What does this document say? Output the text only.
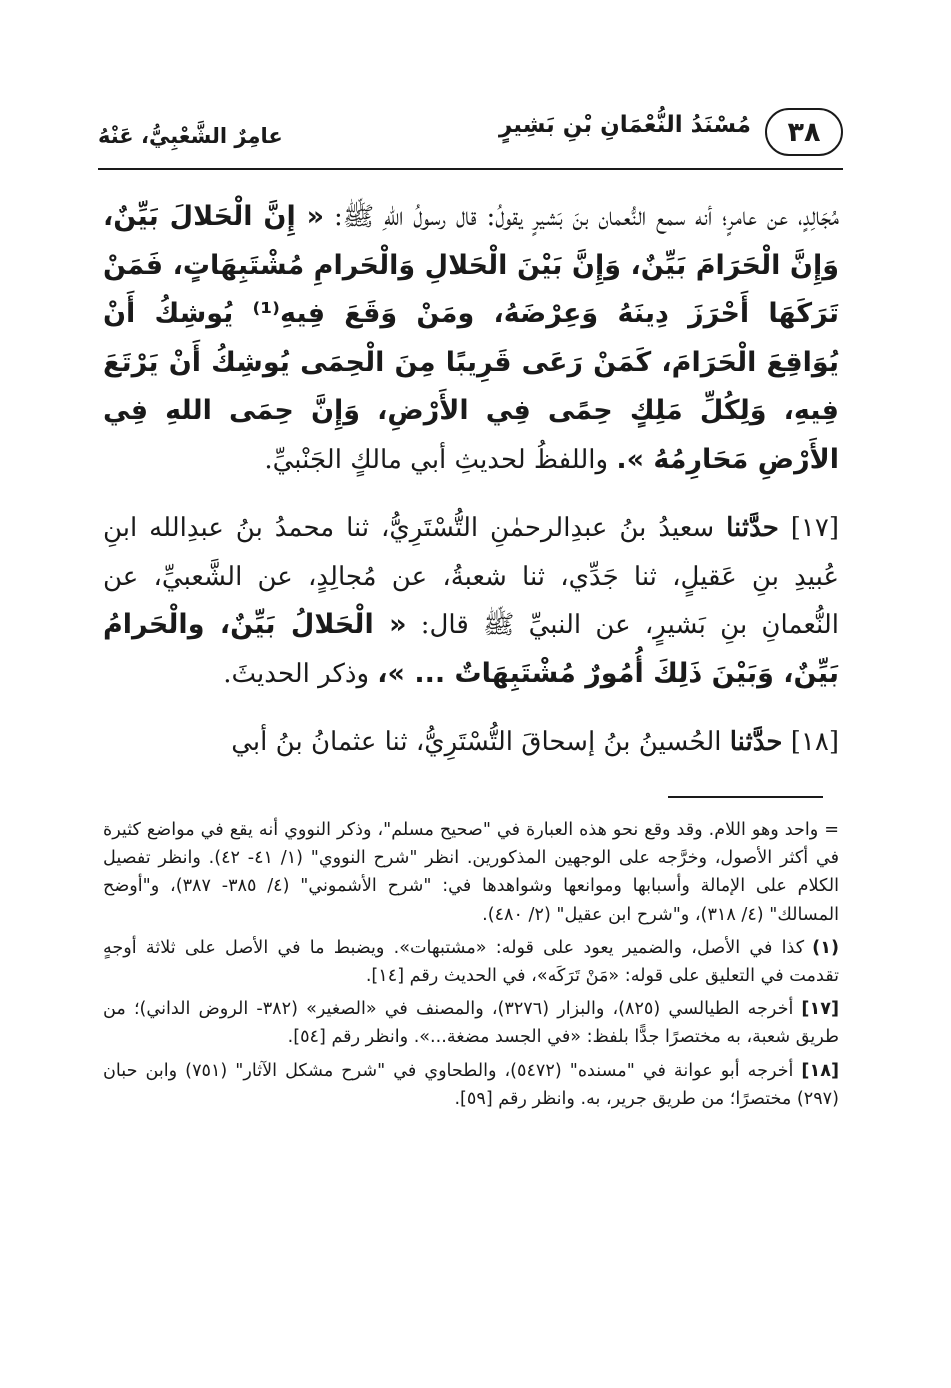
٣٨
مُسْنَدُ النُّعْمَانِ بْنِ بَشِيرٍ
عامِرٌ الشَّعْبِيُّ، عَنْهُ

مُجَالِدٍ، عن عامرٍ؛ أنه سمع النُّعمان بنَ بَشيرٍ يقولُ: قال رسولُ اللهِ ﷺ: « إِنَّ الْحَلالَ بَيِّنٌ، وَإِنَّ الْحَرَامَ بَيِّنٌ، وَإِنَّ بَيْنَ الْحَلالِ وَالْحَرامِ مُشْتَبِهَاتٍ، فَمَنْ تَرَكَهَا أَحْرَزَ دِينَهُ وَعِرْضَهُ، ومَنْ وَقَعَ فِيهِ⁽¹⁾ يُوشِكُ أَنْ يُوَاقِعَ الْحَرَامَ، كَمَنْ رَعَى قَرِيبًا مِنَ الْحِمَى يُوشِكُ أَنْ يَرْتَعَ فِيهِ، وَلِكُلِّ مَلِكٍ حِمًى فِي الأَرْضِ، وَإِنَّ حِمَى اللهِ فِي الأَرْضِ مَحَارِمُهُ ». واللفظُ لحديثِ أبي مالكٍ الجَنْبيِّ.

[١٧] حدَّثنا سعيدُ بنُ عبدِالرحمٰنِ التُّسْتَرِيُّ، ثنا محمدُ بنُ عبدِالله ابنِ عُبيدِ بنِ عَقيلٍ، ثنا جَدِّي، ثنا شعبةُ، عن مُجالِدٍ، عن الشَّعبيِّ، عن النُّعمانِ بنِ بَشيرٍ، عن النبيِّ ﷺ قال: « الْحَلالُ بَيِّنٌ، والْحَرامُ بَيِّنٌ، وَبَيْنَ ذَلِكَ أُمُورٌ مُشْتَبِهَاتٌ ... »، وذكر الحديثَ.

[١٨] حدَّثنا الحُسينُ بنُ إسحاقَ التُّسْتَرِيُّ، ثنا عثمانُ بنُ أبي

= واحد وهو اللام. وقد وقع نحو هذه العبارة في "صحيح مسلم"، وذكر النووي أنه يقع في مواضع كثيرة في أكثر الأصول، وخرَّجه على الوجهين المذكورين. انظر "شرح النووي" (١/ ٤١- ٤٢). وانظر تفصيل الكلام على الإمالة وأسبابها وموانعها وشواهدها في: "شرح الأشموني" (٤/ ٣٨٥- ٣٨٧)، و"أوضح المسالك" (٤/ ٣١٨)، و"شرح ابن عقيل" (٢/ ٤٨٠).

(١)كذا في الأصل، والضمير يعود على قوله: «مشتبهات». ويضبط ما في الأصل على ثلاثة أوجهٍ تقدمت في التعليق على قوله: «مَنْ تَرَكَه»، في الحديث رقم [١٤].

[١٧]أخرجه الطيالسي (٨٢٥)، والبزار (٣٢٧٦)، والمصنف في «الصغير» (٣٨٢- الروض الداني)؛ من طريق شعبة، به مختصرًا جدًّا بلفظ: «في الجسد مضغة...». وانظر رقم [٥٤].

[١٨]أخرجه أبو عوانة في "مسنده" (٥٤٧٢)، والطحاوي في "شرح مشكل الآثار" (٧٥١) وابن حبان (٢٩٧) مختصرًا؛ من طريق جرير، به. وانظر رقم [٥٩].
